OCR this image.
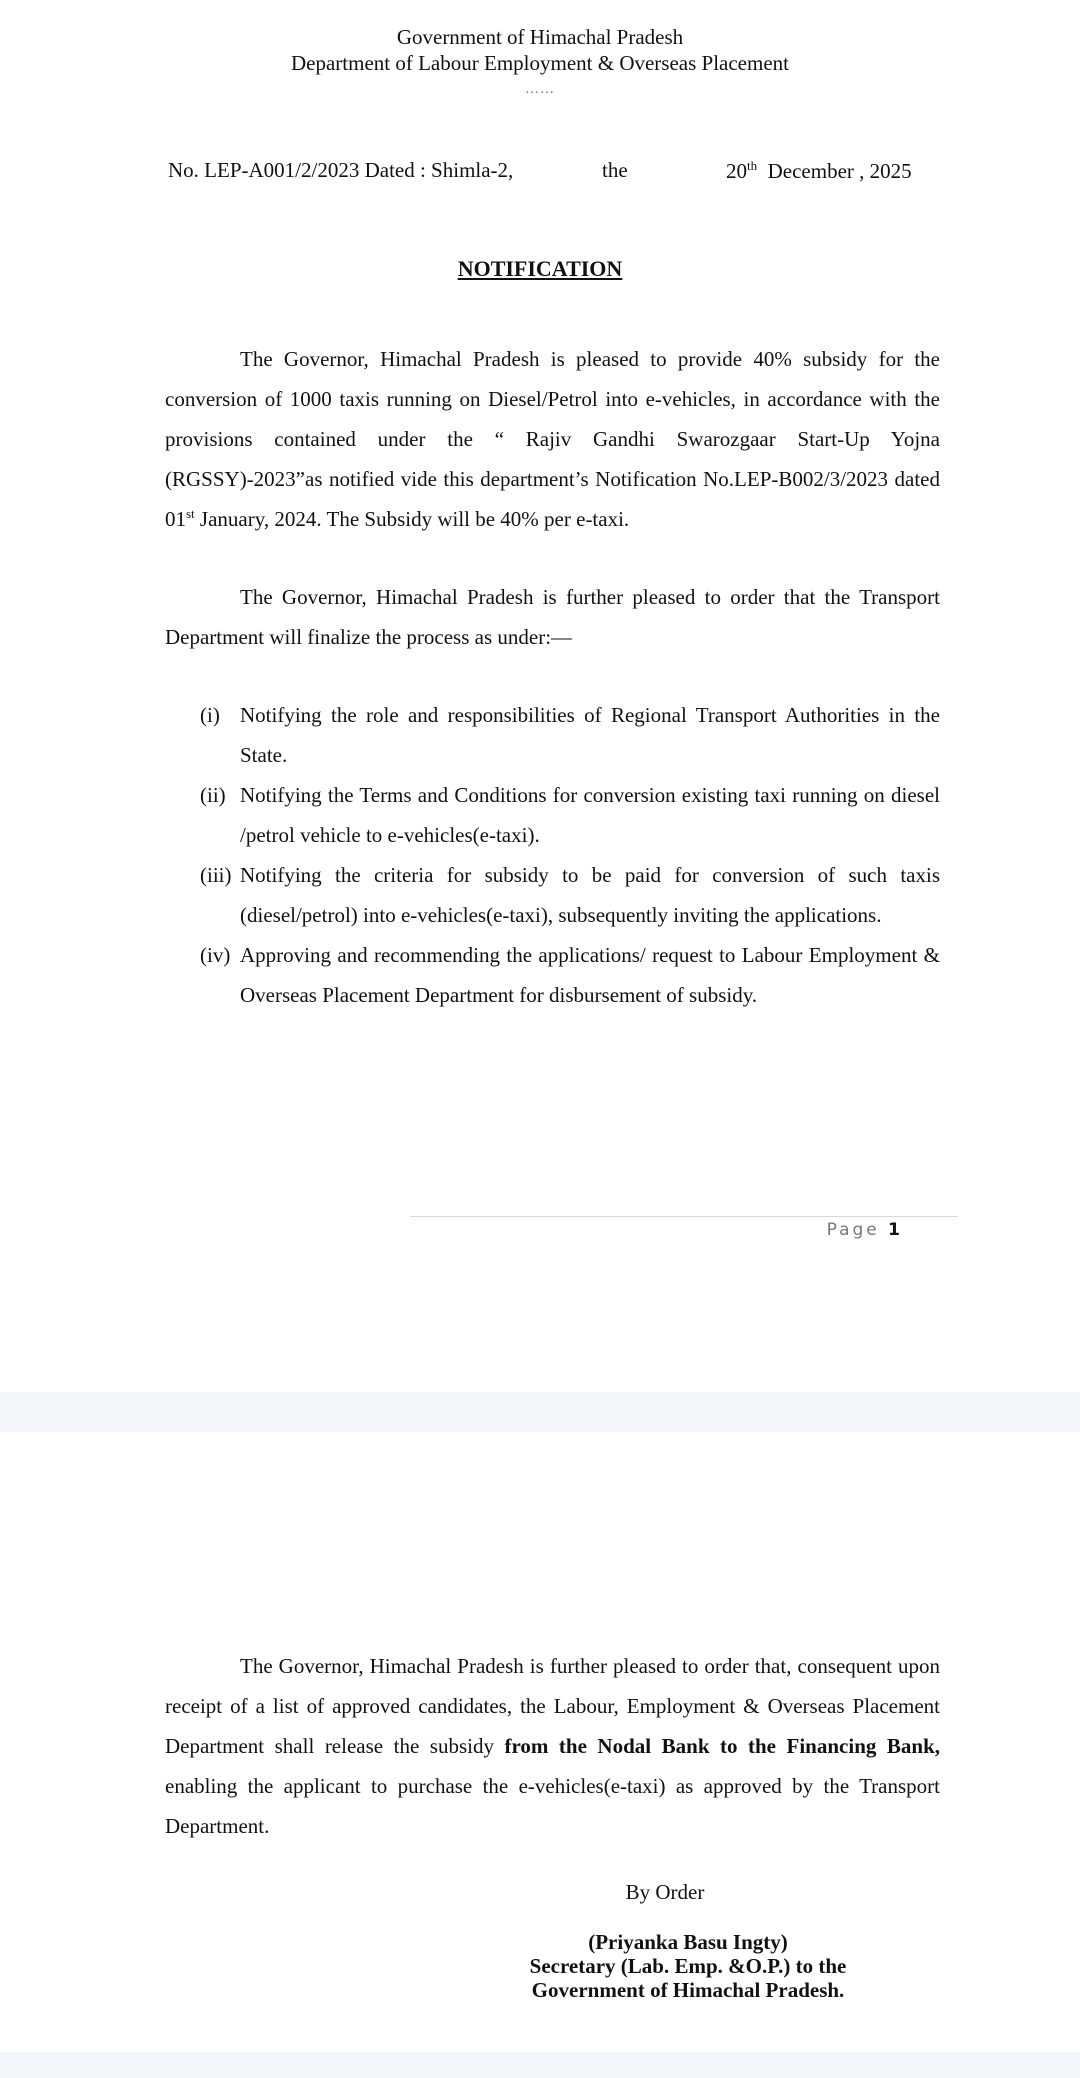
Government of Himachal Pradesh
Department of Labour Employment & Overseas Placement
……
No. LEP-A001/2/2023 Dated : Shimla-2,	the	20th December , 2025
NOTIFICATION
The Governor, Himachal Pradesh is pleased to provide 40% subsidy for the conversion of 1000 taxis running on Diesel/Petrol into e-vehicles, in accordance with the provisions contained under the “ Rajiv Gandhi Swarozgaar Start-Up Yojna (RGSSY)-2023”as notified vide this department’s Notification No.LEP-B002/3/2023 dated 01st January, 2024. The Subsidy will be 40% per e-taxi.
The Governor, Himachal Pradesh is further pleased to order that the Transport Department will finalize the process as under:—
(i) Notifying the role and responsibilities of Regional Transport Authorities in the State.
(ii) Notifying the Terms and Conditions for conversion existing taxi running on diesel /petrol vehicle to e-vehicles(e-taxi).
(iii) Notifying the criteria for subsidy to be paid for conversion of such taxis (diesel/petrol) into e-vehicles(e-taxi), subsequently inviting the applications.
(iv) Approving and recommending the applications/ request to Labour Employment & Overseas Placement Department for disbursement of subsidy.
Page 1
The Governor, Himachal Pradesh is further pleased to order that, consequent upon receipt of a list of approved candidates, the Labour, Employment & Overseas Placement Department shall release the subsidy from the Nodal Bank to the Financing Bank, enabling the applicant to purchase the e-vehicles(e-taxi) as approved by the Transport Department.
By Order
(Priyanka Basu Ingty)
Secretary (Lab. Emp. &O.P.) to the
Government of Himachal Pradesh.
